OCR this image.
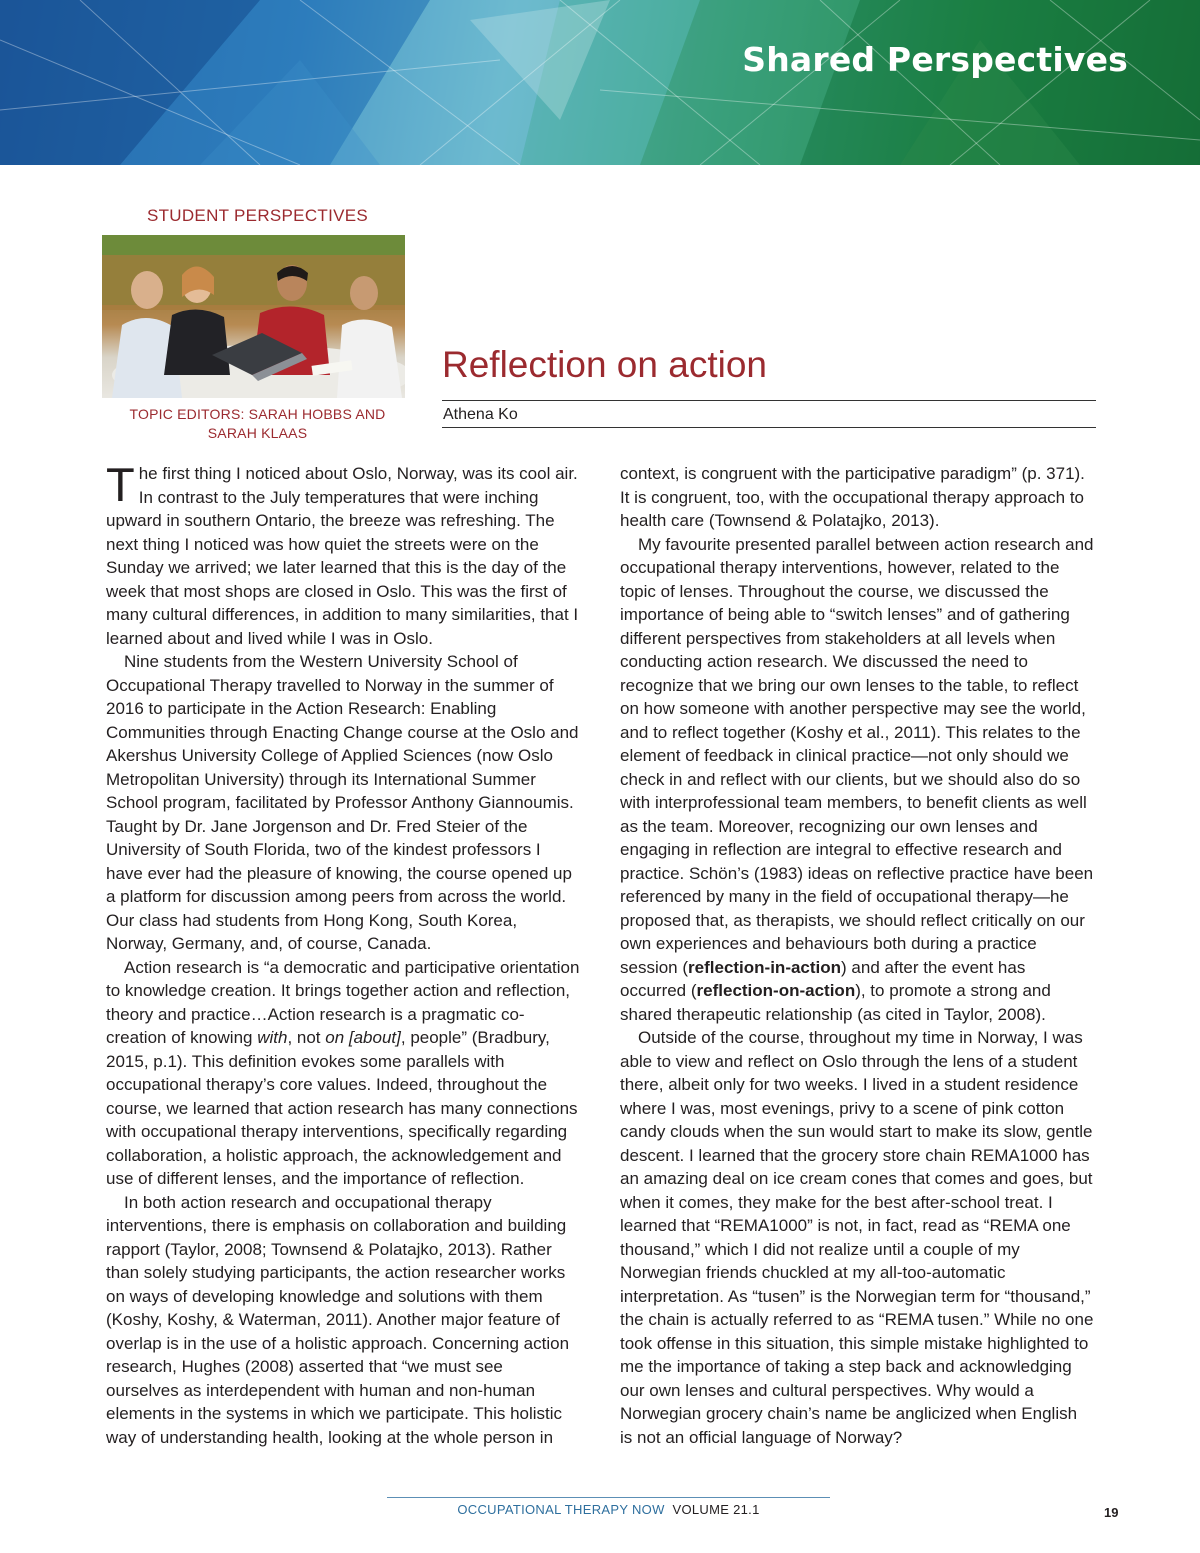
Shared Perspectives
STUDENT PERSPECTIVES
TOPIC EDITORS: SARAH HOBBS AND
SARAH KLAAS
Reflection on action
Athena Ko

The first thing I noticed about Oslo, Norway, was its cool air. In contrast to the July temperatures that were inching upward in southern Ontario, the breeze was refreshing. The next thing I noticed was how quiet the streets were on the Sunday we arrived; we later learned that this is the day of the week that most shops are closed in Oslo. This was the first of many cultural differences, in addition to many similarities, that I learned about and lived while I was in Oslo.

Nine students from the Western University School of Occupational Therapy travelled to Norway in the summer of 2016 to participate in the Action Research: Enabling Communities through Enacting Change course at the Oslo and Akershus University College of Applied Sciences (now Oslo Metropolitan University) through its International Summer School program, facilitated by Professor Anthony Giannoumis. Taught by Dr. Jane Jorgenson and Dr. Fred Steier of the University of South Florida, two of the kindest professors I have ever had the pleasure of knowing, the course opened up a platform for discussion among peers from across the world. Our class had students from Hong Kong, South Korea, Norway, Germany, and, of course, Canada.

Action research is “a democratic and participative orientation to knowledge creation. It brings together action and reflection, theory and practice…Action research is a pragmatic co-creation of knowing with, not on [about], people” (Bradbury, 2015, p.1). This definition evokes some parallels with occupational therapy’s core values. Indeed, throughout the course, we learned that action research has many connections with occupational therapy interventions, specifically regarding collaboration, a holistic approach, the acknowledgement and use of different lenses, and the importance of reflection.

In both action research and occupational therapy interventions, there is emphasis on collaboration and building rapport (Taylor, 2008; Townsend & Polatajko, 2013). Rather than solely studying participants, the action researcher works on ways of developing knowledge and solutions with them (Koshy, Koshy, & Waterman, 2011). Another major feature of overlap is in the use of a holistic approach. Concerning action research, Hughes (2008) asserted that “we must see ourselves as interdependent with human and non-human elements in the systems in which we participate. This holistic way of understanding health, looking at the whole person in

context, is congruent with the participative paradigm” (p. 371). It is congruent, too, with the occupational therapy approach to health care (Townsend & Polatajko, 2013).

My favourite presented parallel between action research and occupational therapy interventions, however, related to the topic of lenses. Throughout the course, we discussed the importance of being able to “switch lenses” and of gathering different perspectives from stakeholders at all levels when conducting action research. We discussed the need to recognize that we bring our own lenses to the table, to reflect on how someone with another perspective may see the world, and to reflect together (Koshy et al., 2011). This relates to the element of feedback in clinical practice—not only should we check in and reflect with our clients, but we should also do so with interprofessional team members, to benefit clients as well as the team. Moreover, recognizing our own lenses and engaging in reflection are integral to effective research and practice. Schön’s (1983) ideas on reflective practice have been referenced by many in the field of occupational therapy—he proposed that, as therapists, we should reflect critically on our own experiences and behaviours both during a practice session (reflection-in-action) and after the event has occurred (reflection-on-action), to promote a strong and shared therapeutic relationship (as cited in Taylor, 2008).

Outside of the course, throughout my time in Norway, I was able to view and reflect on Oslo through the lens of a student there, albeit only for two weeks. I lived in a student residence where I was, most evenings, privy to a scene of pink cotton candy clouds when the sun would start to make its slow, gentle descent. I learned that the grocery store chain REMA1000 has an amazing deal on ice cream cones that comes and goes, but when it comes, they make for the best after-school treat. I learned that “REMA1000” is not, in fact, read as “REMA one thousand,” which I did not realize until a couple of my Norwegian friends chuckled at my all-too-automatic interpretation. As “tusen” is the Norwegian term for “thousand,” the chain is actually referred to as “REMA tusen.” While no one took offense in this situation, this simple mistake highlighted to me the importance of taking a step back and acknowledging our own lenses and cultural perspectives. Why would a Norwegian grocery chain’s name be anglicized when English is not an official language of Norway?

OCCUPATIONAL THERAPY NOW VOLUME 21.1	19
